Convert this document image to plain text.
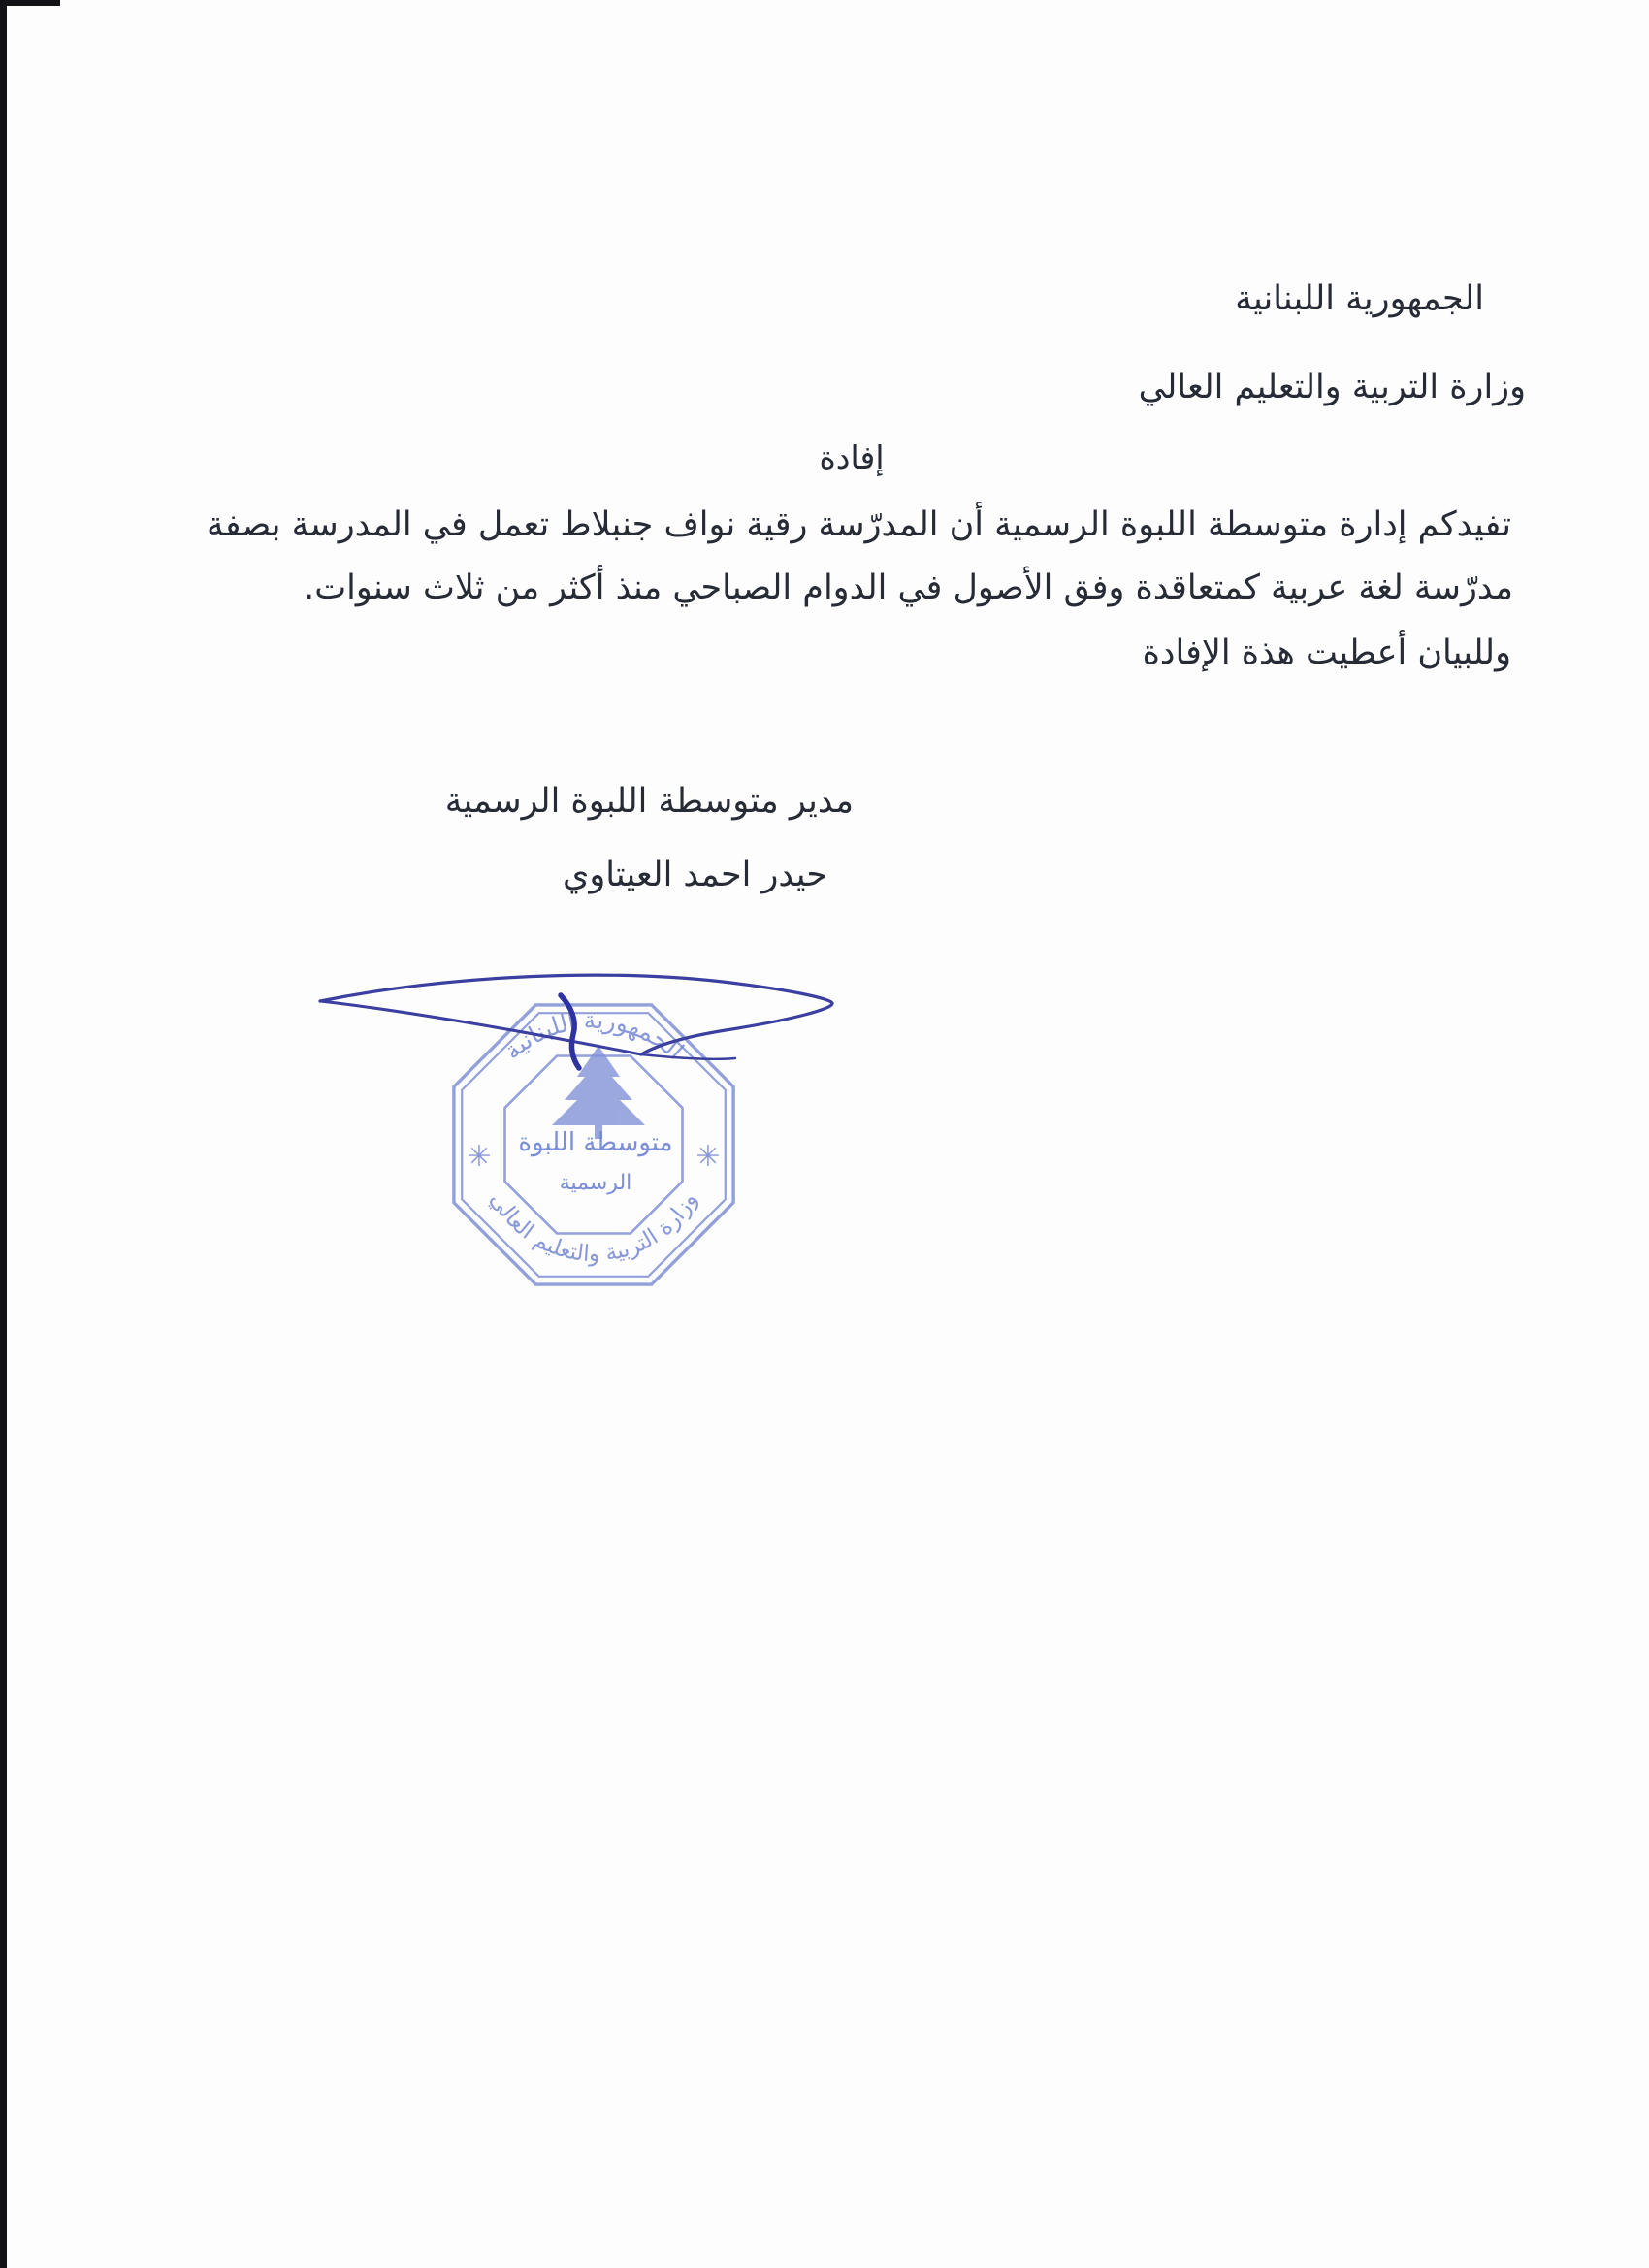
الجمهورية اللبنانية
وزارة التربية والتعليم العالي
إفادة
تفيدكم إدارة متوسطة اللبوة الرسمية أن المدرّسة رقية نواف جنبلاط تعمل في المدرسة بصفة
مدرّسة لغة عربية كمتعاقدة وفق الأصول في الدوام الصباحي منذ أكثر من ثلاث سنوات.
وللبيان أعطيت هذة الإفادة
مدير متوسطة اللبوة الرسمية
حيدر احمد العيتاوي
الجمهورية اللبنانية
وزارة التربية والتعليم العالي
✳	✳
متوسطة اللبوة
الرسمية
